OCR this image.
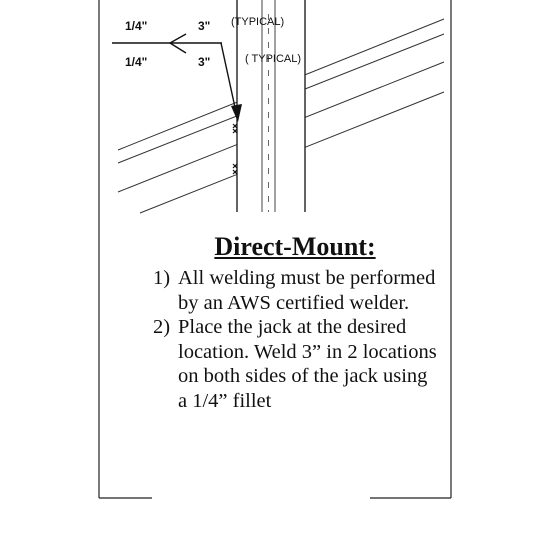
1/4"
1/4"
3"
3"
(TYPICAL)
( TYPICAL)
Direct-Mount:
1) All welding must be performed by an AWS certified welder.
2) Place the jack at the desired location. Weld 3” in 2 locations on both sides of the jack using a 1/4” fillet
